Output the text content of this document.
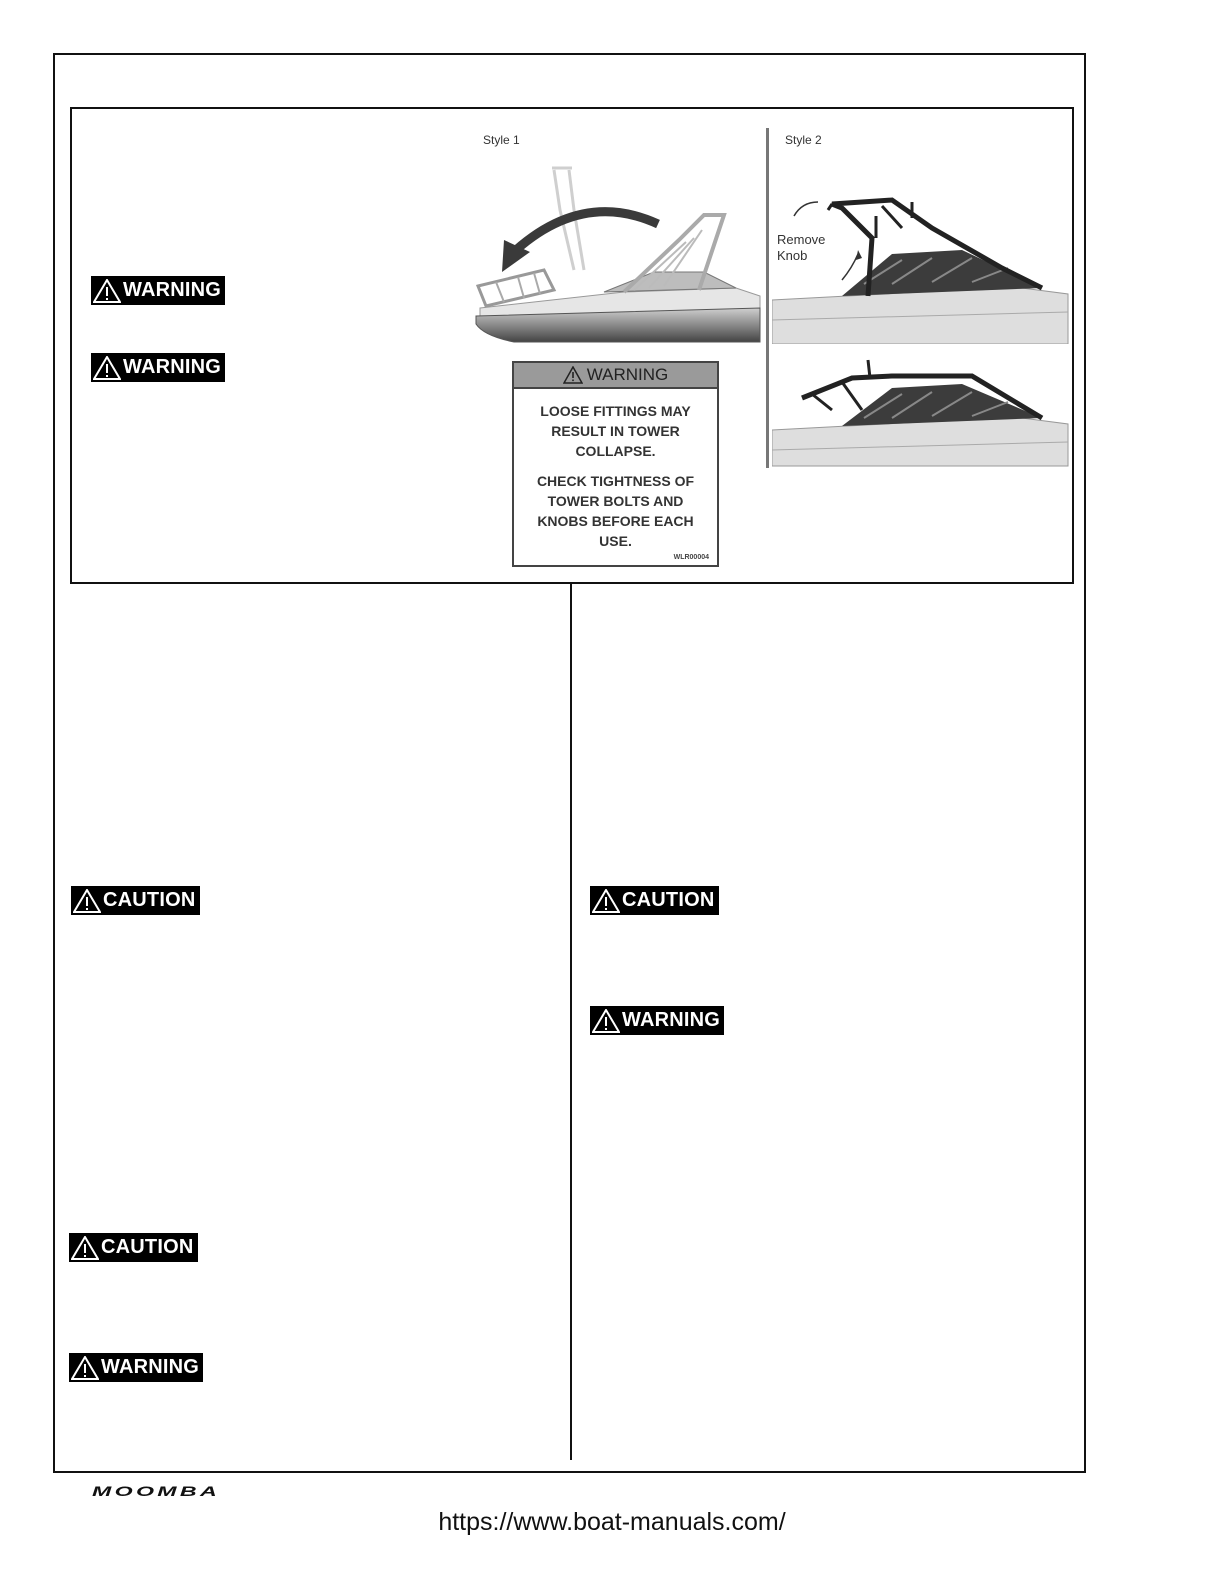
WARNING
WARNING
Style 1	Style 2
Remove
Knob
WARNING
LOOSE FITTINGS MAY RESULT IN TOWER COLLAPSE.
CHECK TIGHTNESS OF TOWER BOLTS AND KNOBS BEFORE EACH USE.
WLR00004
CAUTION
CAUTION
WARNING
CAUTION
WARNING
MOOMBA
https://www.boat-manuals.com/
